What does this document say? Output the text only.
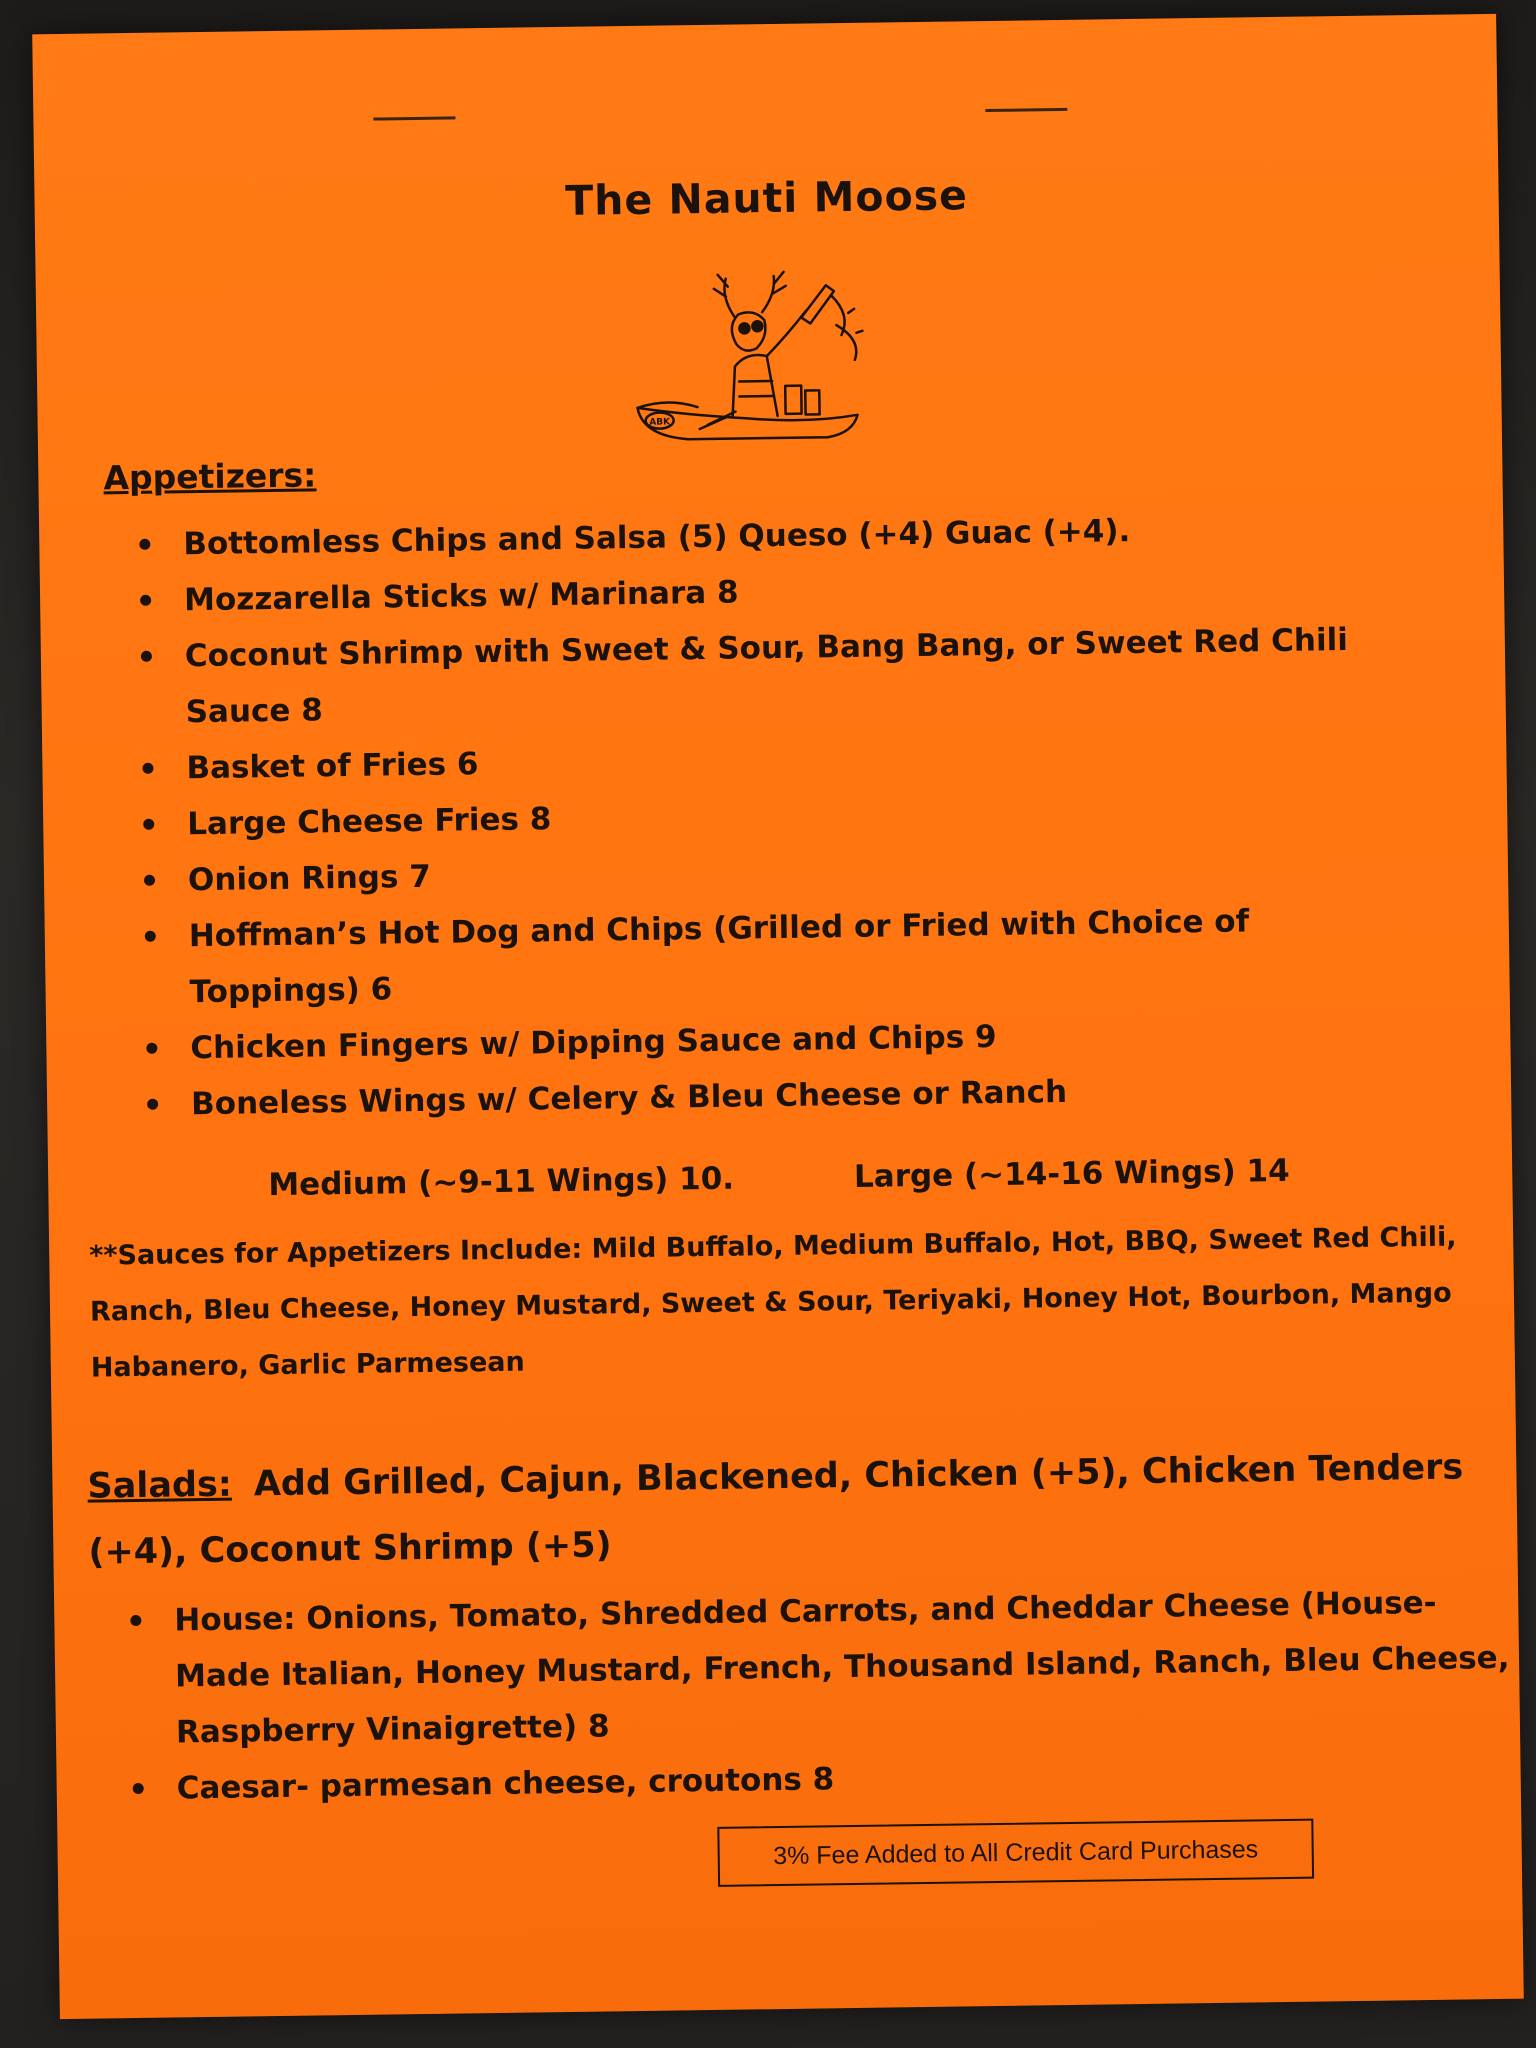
The Nauti Moose
ABK
Appetizers:
Bottomless Chips and Salsa (5) Queso (+4) Guac (+4).
Mozzarella Sticks w/ Marinara 8
Coconut Shrimp with Sweet & Sour, Bang Bang, or Sweet Red Chili Sauce 8
Basket of Fries 6
Large Cheese Fries 8
Onion Rings 7
Hoffman’s Hot Dog and Chips (Grilled or Fried with Choice of Toppings) 6
Chicken Fingers w/ Dipping Sauce and Chips 9
Boneless Wings w/ Celery & Bleu Cheese or Ranch
Medium (~9-11 Wings) 10.	Large (~14-16 Wings) 14
**Sauces for Appetizers Include: Mild Buffalo, Medium Buffalo, Hot, BBQ, Sweet Red Chili, Ranch, Bleu Cheese, Honey Mustard, Sweet & Sour, Teriyaki, Honey Hot, Bourbon, Mango Habanero, Garlic Parmesean
Salads: Add Grilled, Cajun, Blackened, Chicken (+5), Chicken Tenders (+4), Coconut Shrimp (+5)
House: Onions, Tomato, Shredded Carrots, and Cheddar Cheese (House-Made Italian, Honey Mustard, French, Thousand Island, Ranch, Bleu Cheese, Raspberry Vinaigrette) 8
Caesar- parmesan cheese, croutons 8
3% Fee Added to All Credit Card Purchases
